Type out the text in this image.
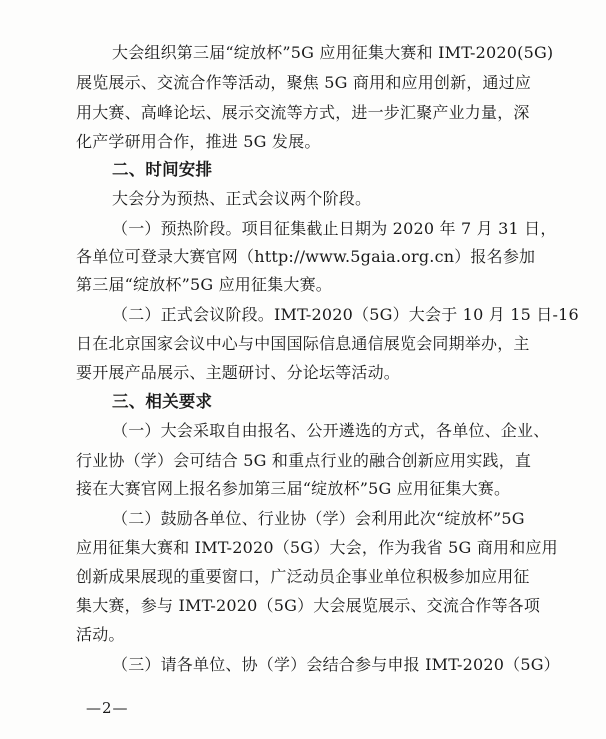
大会组织第三届“绽放杯”5G 应用征集大赛和 IMT-2020(5G)
展览展示、交流合作等活动，聚焦 5G 商用和应用创新，通过应
用大赛、高峰论坛、展示交流等方式，进一步汇聚产业力量，深
化产学研用合作，推进 5G 发展。
二、时间安排
大会分为预热、正式会议两个阶段。
（一）预热阶段。项目征集截止日期为 2020 年 7 月 31 日，
各单位可登录大赛官网（http://www.5gaia.org.cn）报名参加
第三届“绽放杯”5G 应用征集大赛。
（二）正式会议阶段。IMT-2020（5G）大会于 10 月 15 日-16
日在北京国家会议中心与中国国际信息通信展览会同期举办，主
要开展产品展示、主题研讨、分论坛等活动。
三、相关要求
（一）大会采取自由报名、公开遴选的方式，各单位、企业、
行业协（学）会可结合 5G 和重点行业的融合创新应用实践，直
接在大赛官网上报名参加第三届“绽放杯”5G 应用征集大赛。
（二）鼓励各单位、行业协（学）会利用此次“绽放杯”5G
应用征集大赛和 IMT-2020（5G）大会，作为我省 5G 商用和应用
创新成果展现的重要窗口，广泛动员企事业单位积极参加应用征
集大赛，参与 IMT-2020（5G）大会展览展示、交流合作等各项
活动。
（三）请各单位、协（学）会结合参与申报 IMT-2020（5G）
—2—
